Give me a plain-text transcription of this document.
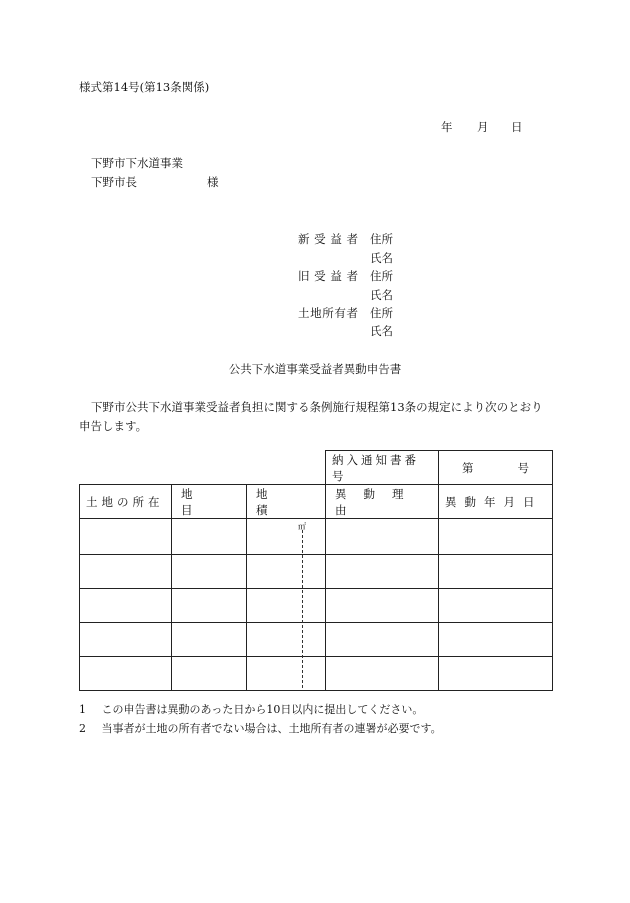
様式第14号(第13条関係)
年 月 日
下野市下水道事業
下野市長	様
新受益者 住所
氏名
旧受益者 住所
氏名
土地所有者 住所
氏名
公共下水道事業受益者異動申告書
下野市公共下水道事業受益者負担に関する条例施行規程第13条の規定により次のとおり申告します。

			納入通知書番号	第 号

土地の所在	地目	地積	異動理由	異動年月日

㎡
1 この申告書は異動のあった日から10日以内に提出してください。
2 当事者が土地の所有者でない場合は、土地所有者の連署が必要です。
